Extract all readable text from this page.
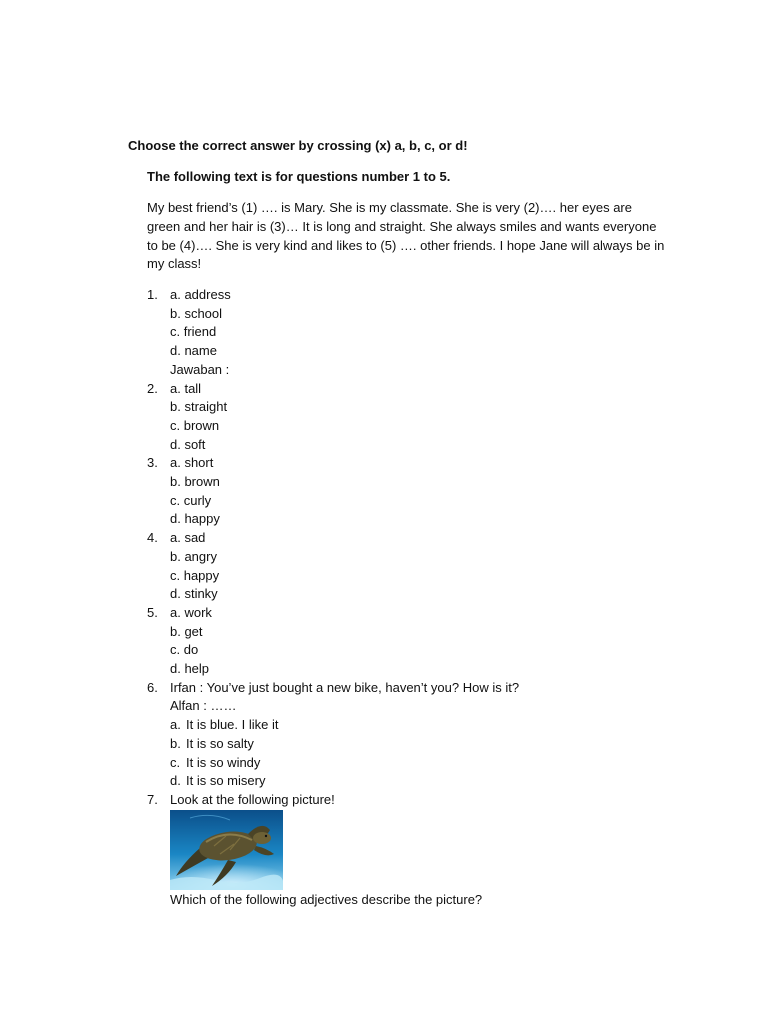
Choose the correct answer by crossing (x) a, b, c, or d!

The following text is for questions number 1 to 5.

My best friend’s (1) …. is Mary. She is my classmate. She is very (2)…. her eyes are green and her hair is (3)… It is long and straight. She always smiles and wants everyone to be (4)…. She is very kind and likes to (5) …. other friends. I hope Jane will always be in my class!

1. a. address
b. school
c. friend
d. name
Jawaban :
2. a. tall
b. straight
c. brown
d. soft
3. a. short
b. brown
c. curly
d. happy
4. a. sad
b. angry
c. happy
d. stinky
5. a. work
b. get
c. do
d. help
6. Irfan : You’ve just bought a new bike, haven’t you? How is it?
Alfan : ……
a. It is blue. I like it
b. It is so salty
c. It is so windy
d. It is so misery
7. Look at the following picture!
Which of the following adjectives describe the picture?
